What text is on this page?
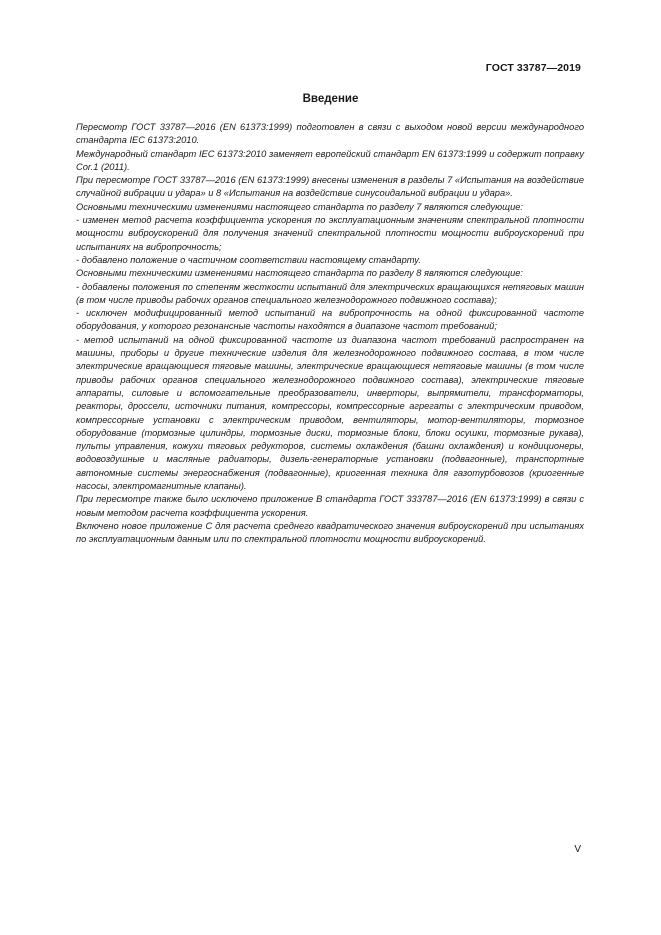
ГОСТ 33787—2019
Введение

Пересмотр ГОСТ 33787—2016 (EN 61373:1999) подготовлен в связи с выходом новой версии международного стандарта IEC 61373:2010.

Международный стандарт IEC 61373:2010 заменяет европейский стандарт EN 61373:1999 и содержит поправку Cor.1 (2011).

При пересмотре ГОСТ 33787—2016 (EN 61373:1999) внесены изменения в разделы 7 «Испытания на воздействие случайной вибрации и удара» и 8 «Испытания на воздействие синусоидальной вибрации и удара».

Основными техническими изменениями настоящего стандарта по разделу 7 являются следующие:

- изменен метод расчета коэффициента ускорения по эксплуатационным значениям спектральной плотности мощности виброускорений для получения значений спектральной плотности мощности виброускорений при испытаниях на вибропрочность;

- добавлено положение о частичном соответствии настоящему стандарту.

Основными техническими изменениями настоящего стандарта по разделу 8 являются следующие:

- добавлены положения по степеням жесткости испытаний для электрических вращающихся нетяговых машин (в том числе приводы рабочих органов специального железнодорожного подвижного состава);

- исключен модифицированный метод испытаний на вибропрочность на одной фиксированной частоте оборудования, у которого резонансные частоты находятся в диапазоне частот требований;

- метод испытаний на одной фиксированной частоте из диапазона частот требований распространен на машины, приборы и другие технические изделия для железнодорожного подвижного состава, в том числе электрические вращающиеся тяговые машины, электрические вращающиеся нетяговые машины (в том числе приводы рабочих органов специального железнодорожного подвижного состава), электрические тяговые аппараты, силовые и вспомогательные преобразователи, инверторы, выпрямители, трансформаторы, реакторы, дроссели, источники питания, компрессоры, компрессорные агрегаты с электрическим приводом, компрессорные установки с электрическим приводом, вентиляторы, мотор-вентиляторы, тормозное оборудование (тормозные цилиндры, тормозные диски, тормозные блоки, блоки осушки, тормозные рукава), пульты управления, кожухи тяговых редукторов, системы охлаждения (башни охлаждения) и кондиционеры, водовоздушные и масляные радиаторы, дизель-генераторные установки (подвагонные), транспортные автономные системы энергоснабжения (подвагонные), криогенная техника для газотурбовозов (криогенные насосы, электромагнитные клапаны).

При пересмотре также было исключено приложение В стандарта ГОСТ 333787—2016 (EN 61373:1999) в связи с новым методом расчета коэффициента ускорения.

Включено новое приложение С для расчета среднего квадратического значения виброускорений при испытаниях по эксплуатационным данным или по спектральной плотности мощности виброускорений.

V
